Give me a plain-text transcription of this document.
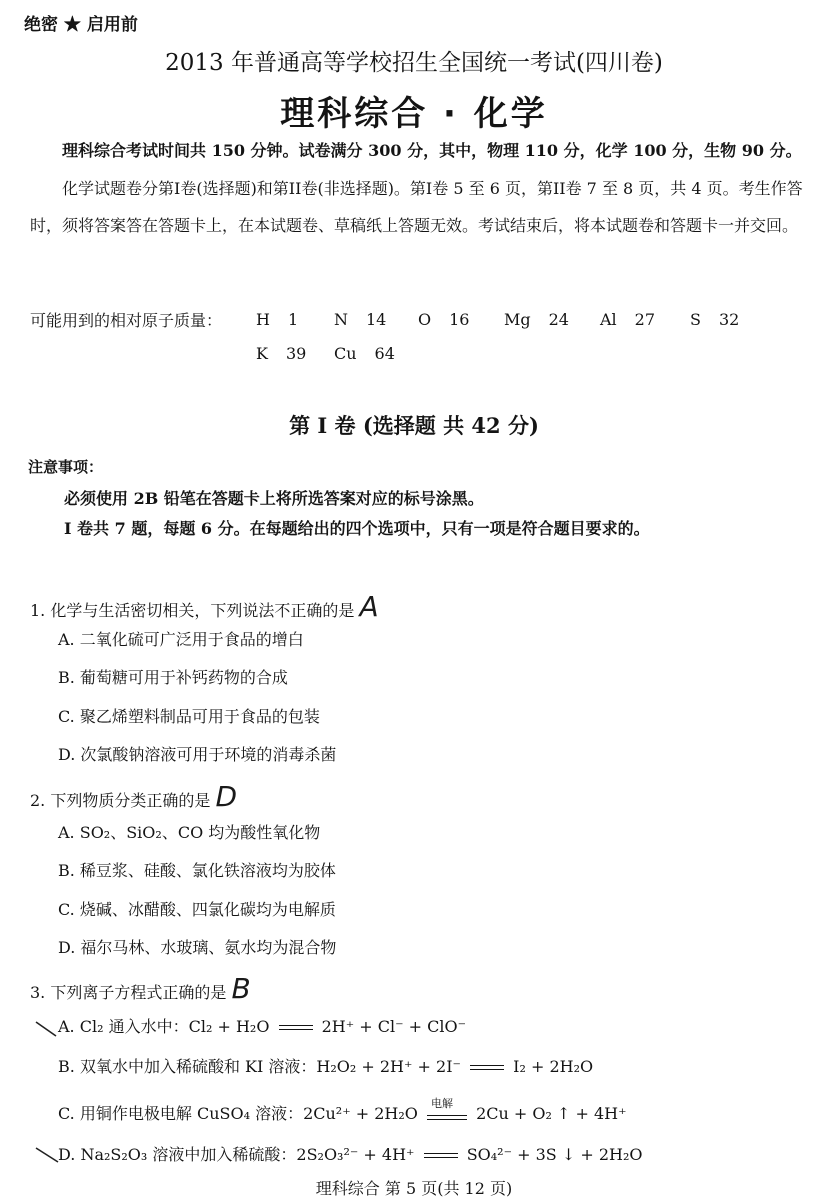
绝密 ★ 启用前
2013 年普通高等学校招生全国统一考试(四川卷)
理科综合 · 化学
理科综合考试时间共 150 分钟。试卷满分 300 分，其中，物理 110 分，化学 100 分，生物 90 分。
化学试题卷分第I卷(选择题)和第II卷(非选择题)。第I卷 5 至 6 页，第II卷 7 至 8 页，共 4 页。考生作答时，须将答案答在答题卡上，在本试题卷、草稿纸上答题无效。考试结束后，将本试题卷和答题卡一并交回。
可能用到的相对原子质量： H 1 N 14 O 16 Mg 24 Al 27 S 32
K 39 Cu 64
第 I 卷 (选择题 共 42 分)
注意事项：
必须使用 2B 铅笔在答题卡上将所选答案对应的标号涂黑。
I 卷共 7 题，每题 6 分。在每题给出的四个选项中，只有一项是符合题目要求的。
1. 化学与生活密切相关，下列说法不正确的是 A
A. 二氧化硫可广泛用于食品的增白
B. 葡萄糖可用于补钙药物的合成
C. 聚乙烯塑料制品可用于食品的包装
D. 次氯酸钠溶液可用于环境的消毒杀菌
2. 下列物质分类正确的是 D
A. SO₂、SiO₂、CO 均为酸性氧化物
B. 稀豆浆、硅酸、氯化铁溶液均为胶体
C. 烧碱、冰醋酸、四氯化碳均为电解质
D. 福尔马林、水玻璃、氨水均为混合物
3. 下列离子方程式正确的是 B
A. Cl₂ 通入水中：Cl₂ + H₂O	2H⁺ + Cl⁻ + ClO⁻
B. 双氧水中加入稀硫酸和 KI 溶液：H₂O₂ + 2H⁺ + 2I⁻	I₂ + 2H₂O
C. 用铜作电极电解 CuSO₄ 溶液：2Cu²⁺ + 2H₂O
电解
2Cu + O₂ ↑ + 4H⁺
D. Na₂S₂O₃ 溶液中加入稀硫酸：2S₂O₃²⁻ + 4H⁺	SO₄²⁻ + 3S ↓ + 2H₂O
理科综合 第 5 页(共 12 页)
